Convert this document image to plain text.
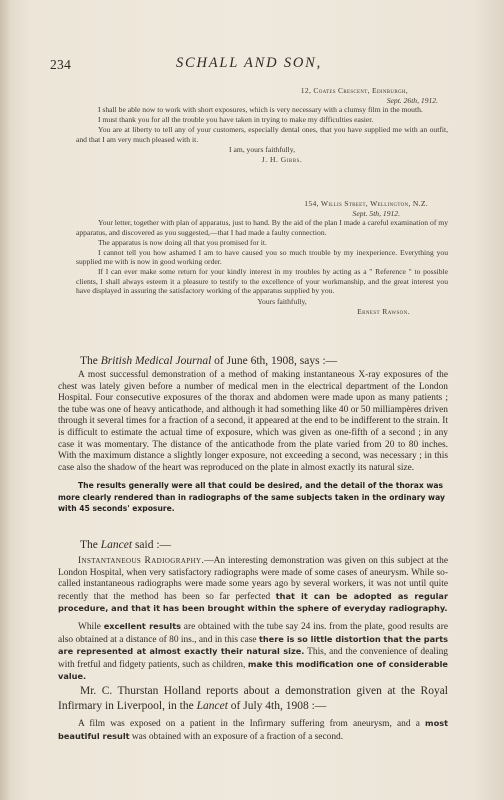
234	SCHALL AND SON,
12, Coates Crescent, Edinburgh,
Sept. 26th, 1912.

I shall be able now to work with short exposures, which is very necessary with a clumsy film in the mouth.

I must thank you for all the trouble you have taken in trying to make my difficulties easier.

You are at liberty to tell any of your customers, especially dental ones, that you have supplied me with an outfit, and that I am very much pleased with it.

I am, yours faithfully,
J. H. Gibbs.
154, Willis Street, Wellington, N.Z.
Sept. 5th, 1912.

Your letter, together with plan of apparatus, just to hand. By the aid of the plan I made a careful examination of my apparatus, and discovered as you suggested,—that I had made a faulty connection.

The apparatus is now doing all that you promised for it.

I cannot tell you how ashamed I am to have caused you so much trouble by my inexperience. Everything you supplied me with is now in good working order.

If I can ever make some return for your kindly interest in my troubles by acting as a " Reference " to possible clients, I shall always esteem it a pleasure to testify to the excellence of your workmanship, and the great interest you have displayed in assuring the satisfactory working of the apparatus supplied by you.

Yours faithfully,
Ernest Rawson.

The British Medical Journal of June 6th, 1908, says :—

A most successful demonstration of a method of making instantaneous X-ray exposures of the chest was lately given before a number of medical men in the electrical department of the London Hospital. Four consecutive exposures of the thorax and abdomen were made upon as many patients ; the tube was one of heavy anticathode, and although it had something like 40 or 50 milliampères driven through it several times for a fraction of a second, it appeared at the end to be indifferent to the strain. It is difficult to estimate the actual time of exposure, which was given as one-fifth of a second ; in any case it was momentary. The distance of the anticathode from the plate varied from 20 to 80 inches. With the maximum distance a slightly longer exposure, not exceeding a second, was necessary ; in this case also the shadow of the heart was reproduced on the plate in almost exactly its natural size.

The results generally were all that could be desired, and the detail of the thorax was more clearly rendered than in radiographs of the same subjects taken in the ordinary way with 45 seconds' exposure.

The Lancet said :—

Instantaneous Radiography.—An interesting demonstration was given on this subject at the London Hospital, when very satisfactory radiographs were made of some cases of aneurysm. While so-called instantaneous radiographs were made some years ago by several workers, it was not until quite recently that the method has been so far perfected that it can be adopted as regular procedure, and that it has been brought within the sphere of everyday radiography.

While excellent results are obtained with the tube say 24 ins. from the plate, good results are also obtained at a distance of 80 ins., and in this case there is so little distortion that the parts are represented at almost exactly their natural size. This, and the convenience of dealing with fretful and fidgety patients, such as children, make this modification one of considerable value.

Mr. C. Thurstan Holland reports about a demonstration given at the Royal Infirmary in Liverpool, in the Lancet of July 4th, 1908 :—

A film was exposed on a patient in the Infirmary suffering from aneurysm, and a most beautiful result was obtained with an exposure of a fraction of a second.
